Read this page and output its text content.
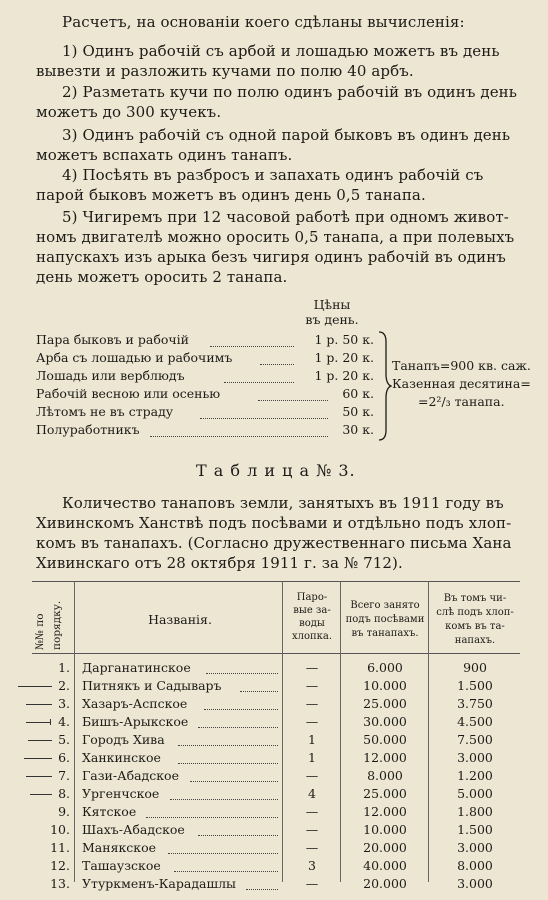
Расчетъ, на основанiи коего сдѣланы вычисленiя:
1) Одинъ рабочiй съ арбой и лошадью можетъ въ день
вывезти и разложить кучами по полю 40 арбъ.
2) Разметать кучи по полю одинъ рабочiй въ одинъ день
можетъ до 300 кучекъ.
3) Одинъ рабочiй съ одной парой быковъ въ одинъ день
можетъ вспахать одинъ танапъ.
4) Посѣять въ разбросъ и запахать одинъ рабочiй съ
парой быковъ можетъ въ одинъ день 0,5 танапа.
5) Чигиремъ при 12 часовой работѣ при одномъ живот-
номъ двигателѣ можно оросить 0,5 танапа, а при полевыхъ
напускахъ изъ арыка безъ чигиря одинъ рабочiй въ одинъ
день можетъ оросить 2 танапа.
Цѣны
въ день.
Пара быковъ и рабочiй	1 р. 50 к.
Арба съ лошадью и рабочимъ	1 р. 20 к.
Лошадь или верблюдъ	1 р. 20 к.
Рабочiй весною или осенью	60 к.
Лѣтомъ не въ страду	50 к.
Полуработникъ	30 к.
Танапъ=900 кв. саж.
Казенная десятина=
=2²/₃ танапа.
Т а б л и ц а № 3.
Количество танаповъ земли, занятыхъ въ 1911 году въ
Хивинскомъ Ханствѣ подъ посѣвами и отдѣльно подъ хлоп-
комъ въ танапахъ. (Согласно дружественнаго письма Хана
Хивинскаго отъ 28 октября 1911 г. за № 712).
№№ по порядку.	Названiя.
Паро-
вые за-
воды
хлопка.
Всего занято
подъ посѣвами
въ танапахъ.
Въ томъ чи-
слѣ подъ хлоп-
комъ въ та-
напахъ.
1. Дарганатинское	—	6.000	900
2. Питнякъ и Садываръ	—	10.000	1.500
3. Хазаръ-Аспское	—	25.000	3.750
4. Бишъ-Арыкское	—	30.000	4.500
5. Городъ Хива	1	50.000	7.500
6. Ханкинское	1	12.000	3.000
7. Гази-Абадское	—	8.000	1.200
8. Ургенчское	4	25.000	5.000
9. Кятское	—	12.000	1.800
10. Шахъ-Абадское	—	10.000	1.500
11. Манякское	—	20.000	3.000
12. Ташаузское	3	40.000	8.000
13. Утуркменъ-Карадашлы	—	20.000	3.000
